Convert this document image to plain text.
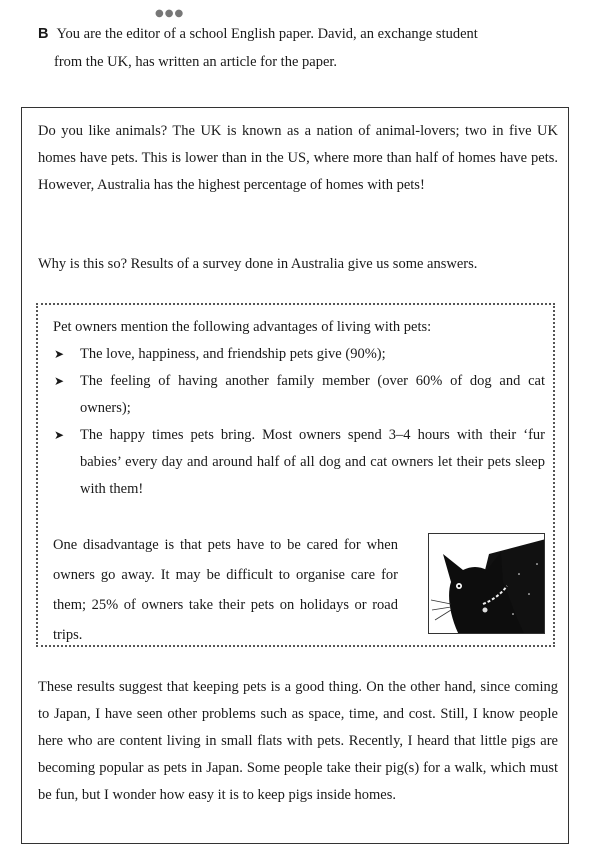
●●●
B You are the editor of a school English paper. David, an exchange student
from the UK, has written an article for the paper.

Do you like animals? The UK is known as a nation of animal-lovers; two in five UK homes have pets. This is lower than in the US, where more than half of homes have pets. However, Australia has the highest percentage of homes with pets!

Why is this so? Results of a survey done in Australia give us some answers.

Pet owners mention the following advantages of living with pets:

➤ The love, happiness, and friendship pets give (90%);
➤ The feeling of having another family member (over 60% of dog and cat owners);
➤ The happy times pets bring. Most owners spend 3–4 hours with their ‘fur babies’ every day and around half of all dog and cat owners let their pets sleep with them!

One disadvantage is that pets have to be cared for when owners go away. It may be difficult to organise care for them; 25% of owners take their pets on holidays or road trips.

These results suggest that keeping pets is a good thing. On the other hand, since coming to Japan, I have seen other problems such as space, time, and cost. Still, I know people here who are content living in small flats with pets. Recently, I heard that little pigs are becoming popular as pets in Japan. Some people take their pig(s) for a walk, which must be fun, but I wonder how easy it is to keep pigs inside homes.
